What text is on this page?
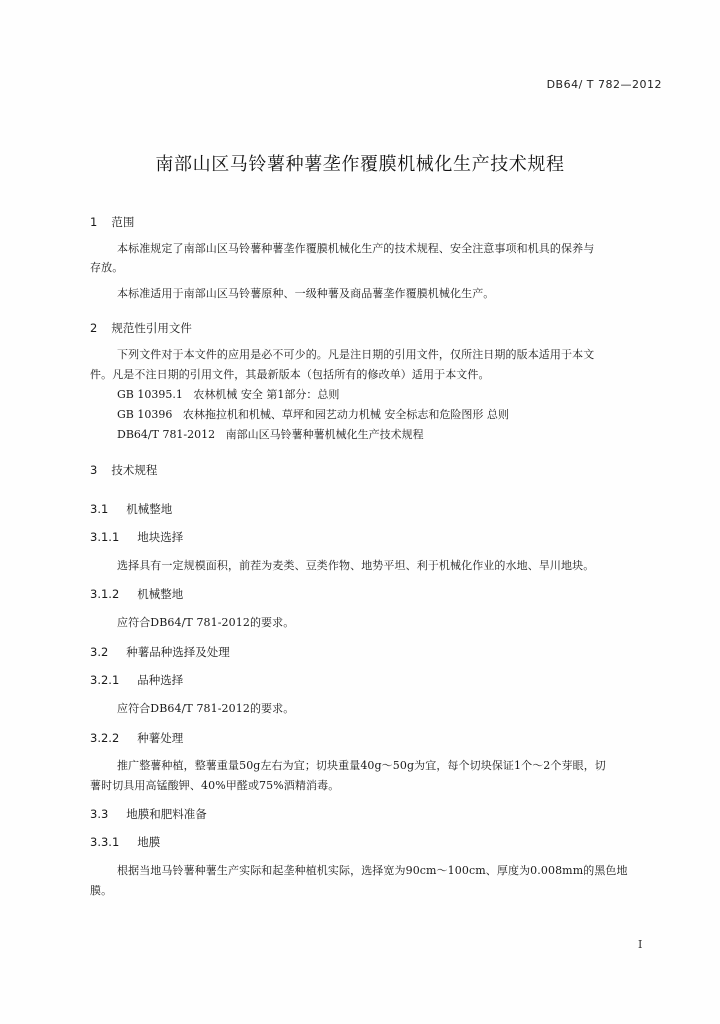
DB64/ T 782—2012
南部山区马铃薯种薯垄作覆膜机械化生产技术规程
1 范围
本标准规定了南部山区马铃薯种薯垄作覆膜机械化生产的技术规程、安全注意事项和机具的保养与
存放。
本标准适用于南部山区马铃薯原种、一级种薯及商品薯垄作覆膜机械化生产。
2 规范性引用文件
下列文件对于本文件的应用是必不可少的。凡是注日期的引用文件，仅所注日期的版本适用于本文
件。凡是不注日期的引用文件，其最新版本（包括所有的修改单）适用于本文件。
GB 10395.1 农林机械 安全 第1部分：总则
GB 10396 农林拖拉机和机械、草坪和园艺动力机械 安全标志和危险图形 总则
DB64/T 781-2012 南部山区马铃薯种薯机械化生产技术规程
3 技术规程
3.1 机械整地
3.1.1 地块选择
选择具有一定规模面积，前茬为麦类、豆类作物、地势平坦、利于机械化作业的水地、旱川地块。
3.1.2 机械整地
应符合DB64/T 781-2012的要求。
3.2 种薯品种选择及处理
3.2.1 品种选择
应符合DB64/T 781-2012的要求。
3.2.2 种薯处理
推广整薯种植，整薯重量50g左右为宜；切块重量40g～50g为宜，每个切块保证1个～2个芽眼，切
薯时切具用高锰酸钾、40%甲醛或75%酒精消毒。
3.3 地膜和肥料准备
3.3.1 地膜
根据当地马铃薯种薯生产实际和起垄种植机实际，选择宽为90cm～100cm、厚度为0.008mm的黑色地
膜。
I
